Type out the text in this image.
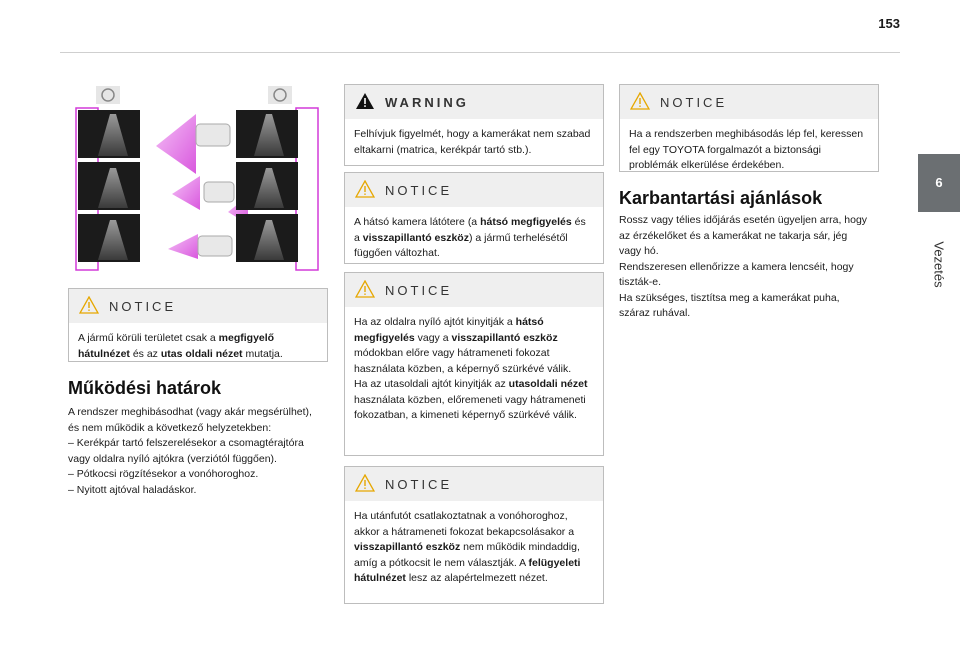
153
6
Vezetés
NOTICE
A jármű körüli területet csak a megfigyelő hátulnézet és az utas oldali nézet mutatja.
Működési határok
A rendszer meghibásodhat (vagy akár megsérülhet), és nem működik a következő helyzetekben:
– Kerékpár tartó felszerelésekor a csomagtérajtóra vagy oldalra nyíló ajtókra (verziótól függően).
– Pótkocsi rögzítésekor a vonóhoroghoz.
– Nyitott ajtóval haladáskor.
WARNING
Felhívjuk figyelmét, hogy a kamerákat nem szabad eltakarni (matrica, kerékpár tartó stb.).
NOTICE
A hátsó kamera látótere (a hátsó megfigyelés és a visszapillantó eszköz) a jármű terhelésétől függően változhat.
NOTICE
Ha az oldalra nyíló ajtót kinyitják a hátsó megfigyelés vagy a visszapillantó eszköz módokban előre vagy hátrameneti fokozat használata közben, a képernyő szürkévé válik.
Ha az utasoldali ajtót kinyitják az utasoldali nézet használata közben, előremeneti vagy hátrameneti fokozatban, a kimeneti képernyő szürkévé válik.
NOTICE
Ha utánfutót csatlakoztatnak a vonóhoroghoz, akkor a hátrameneti fokozat bekapcsolásakor a visszapillantó eszköz nem működik mindaddig, amíg a pótkocsit le nem választják. A felügyeleti hátulnézet lesz az alapértelmezett nézet.
NOTICE
Ha a rendszerben meghibásodás lép fel, keressen fel egy TOYOTA forgalmazót a biztonsági problémák elkerülése érdekében.
Karbantartási ajánlások
Rossz vagy télies időjárás esetén ügyeljen arra, hogy az érzékelőket és a kamerákat ne takarja sár, jég vagy hó.
Rendszeresen ellenőrizze a kamera lencséit, hogy tiszták-e.
Ha szükséges, tisztítsa meg a kamerákat puha, száraz ruhával.
